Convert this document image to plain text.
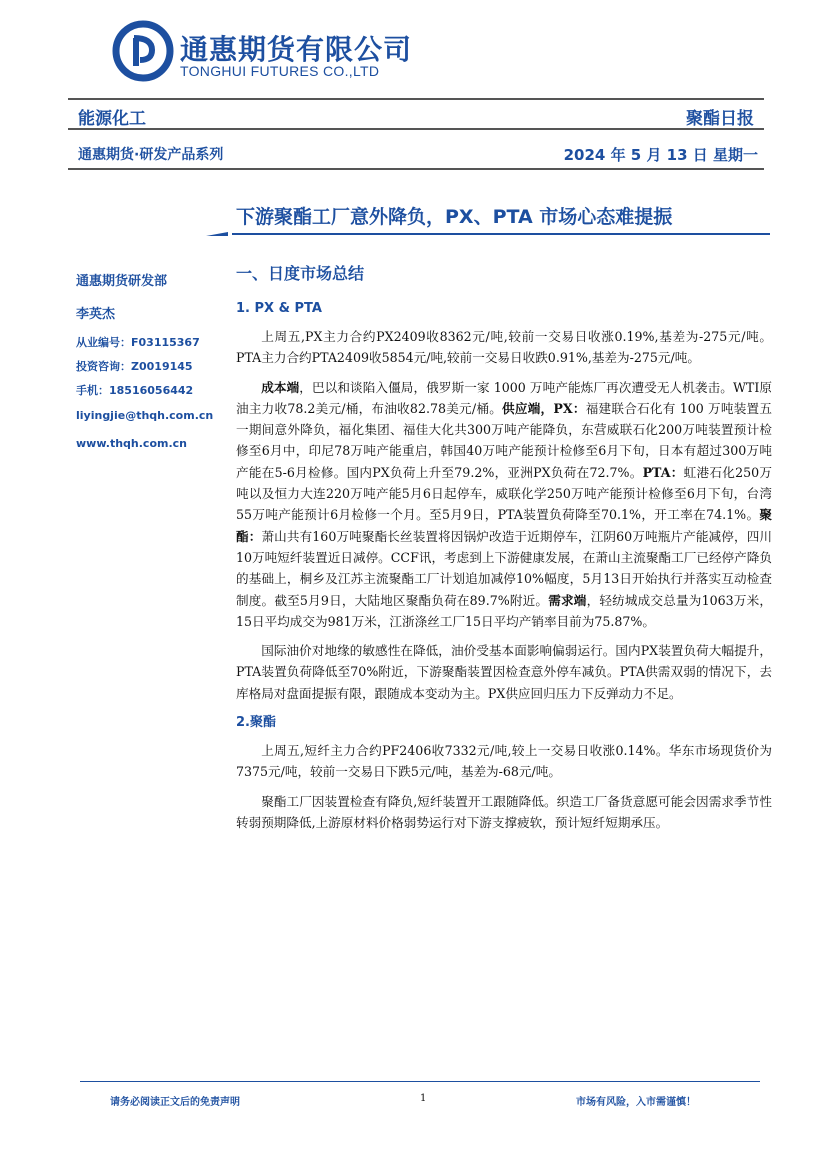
通惠期货有限公司
TONGHUI FUTURES CO.,LTD
能源化工	聚酯日报
通惠期货·研发产品系列	2024 年 5 月 13 日 星期一
下游聚酯工厂意外降负，PX、PTA 市场心态难提振
通惠期货研发部
李英杰
从业编号：F03115367
投资咨询：Z0019145
手机：18516056442
liyingjie@thqh.com.cn
www.thqh.com.cn
一、日度市场总结
1. PX & PTA

上周五,PX主力合约PX2409收8362元/吨,较前一交易日收涨0.19%,基差为-275元/吨。PTA主力合约PTA2409收5854元/吨,较前一交易日收跌0.91%,基差为-275元/吨。

成本端，巴以和谈陷入僵局，俄罗斯一家 1000 万吨产能炼厂再次遭受无人机袭击。WTI原油主力收78.2美元/桶，布油收82.78美元/桶。供应端，PX：福建联合石化有 100 万吨装置五一期间意外降负，福化集团、福佳大化共300万吨产能降负，东营威联石化200万吨装置预计检修至6月中，印尼78万吨产能重启，韩国40万吨产能预计检修至6月下旬，日本有超过300万吨产能在5-6月检修。国内PX负荷上升至79.2%，亚洲PX负荷在72.7%。PTA：虹港石化250万吨以及恒力大连220万吨产能5月6日起停车，威联化学250万吨产能预计检修至6月下旬，台湾55万吨产能预计6月检修一个月。至5月9日，PTA装置负荷降至70.1%，开工率在74.1%。聚酯：萧山共有160万吨聚酯长丝装置将因锅炉改造于近期停车，江阴60万吨瓶片产能减停，四川10万吨短纤装置近日减停。CCF讯，考虑到上下游健康发展，在萧山主流聚酯工厂已经停产降负的基础上，桐乡及江苏主流聚酯工厂计划追加减停10%幅度，5月13日开始执行并落实互动检查制度。截至5月9日，大陆地区聚酯负荷在89.7%附近。需求端，轻纺城成交总量为1063万米，15日平均成交为981万米，江浙涤丝工厂15日平均产销率目前为75.87%。

国际油价对地缘的敏感性在降低，油价受基本面影响偏弱运行。国内PX装置负荷大幅提升，PTA装置负荷降低至70%附近，下游聚酯装置因检查意外停车减负。PTA供需双弱的情况下，去库格局对盘面提振有限，跟随成本变动为主。PX供应回归压力下反弹动力不足。

2.聚酯

上周五,短纤主力合约PF2406收7332元/吨,较上一交易日收涨0.14%。华东市场现货价为7375元/吨，较前一交易日下跌5元/吨，基差为-68元/吨。

聚酯工厂因装置检查有降负,短纤装置开工跟随降低。织造工厂备货意愿可能会因需求季节性转弱预期降低,上游原材料价格弱势运行对下游支撑疲软，预计短纤短期承压。

请务必阅读正文后的免责声明	1	市场有风险，入市需谨慎！
